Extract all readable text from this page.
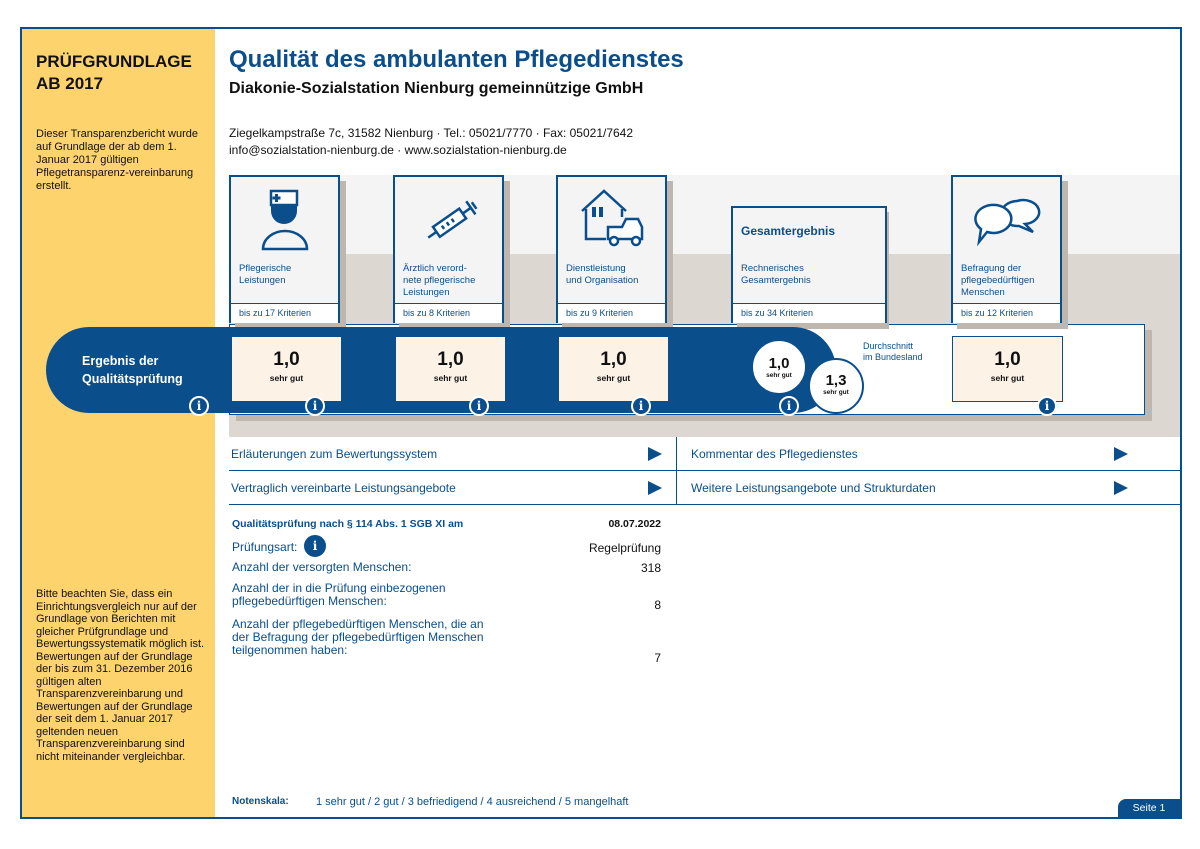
PRÜFGRUNDLAGE
AB 2017
Dieser Transparenzbericht wurde auf Grundlage der ab dem 1. Januar 2017 gültigen Pflegetransparenz-vereinbarung erstellt.
Bitte beachten Sie, dass ein Einrichtungsvergleich nur auf der Grundlage von Berichten mit gleicher Prüfgrundlage und Bewertungssystematik möglich ist. Bewertungen auf der Grundlage der bis zum 31. Dezember 2016 gültigen alten Transparenzvereinbarung und Bewertungen auf der Grundlage der seit dem 1. Januar 2017 geltenden neuen Transparenzvereinbarung sind nicht miteinander vergleichbar.
Qualität des ambulanten Pflegedienstes
Diakonie-Sozialstation Nienburg gemeinnützige GmbH
Ziegelkampstraße 7c, 31582 Nienburg · Tel.: 05021/7770 · Fax: 05021/7642
info@sozialstation-nienburg.de · www.sozialstation-nienburg.de
Pflegerische
Leistungen
bis zu 17 Kriterien
Ärztlich verord-
nete pflegerische
Leistungen
bis zu 8 Kriterien
Dienstleistung
und Organisation
bis zu 9 Kriterien
Gesamtergebnis
Rechnerisches
Gesamtergebnis
bis zu 34 Kriterien
Befragung der
pflegebedürftigen
Menschen
bis zu 12 Kriterien
Ergebnis der
Qualitätsprüfung
1,0
sehr gut
1,0
sehr gut
1,0
sehr gut
1,0
sehr gut
1,0
sehr gut	1,3
sehr gut
Durchschnitt
im Bundesland
i	i	i	i	i	i
Erläuterungen zum Bewertungssystem	Kommentar des Pflegedienstes
Vertraglich vereinbarte Leistungsangebote	Weitere Leistungsangebote und Strukturdaten
Qualitätsprüfung nach § 114 Abs. 1 SGB XI am	08.07.2022
Prüfungsart:	i	Regelprüfung
Anzahl der versorgten Menschen:	318
Anzahl der in die Prüfung einbezogenen
pflegebedürftigen Menschen:	8
Anzahl der pflegebedürftigen Menschen, die an
der Befragung der pflegebedürftigen Menschen
teilgenommen haben:
7
Notenskala: 1 sehr gut / 2 gut / 3 befriedigend / 4 ausreichend / 5 mangelhaft	Seite 1
